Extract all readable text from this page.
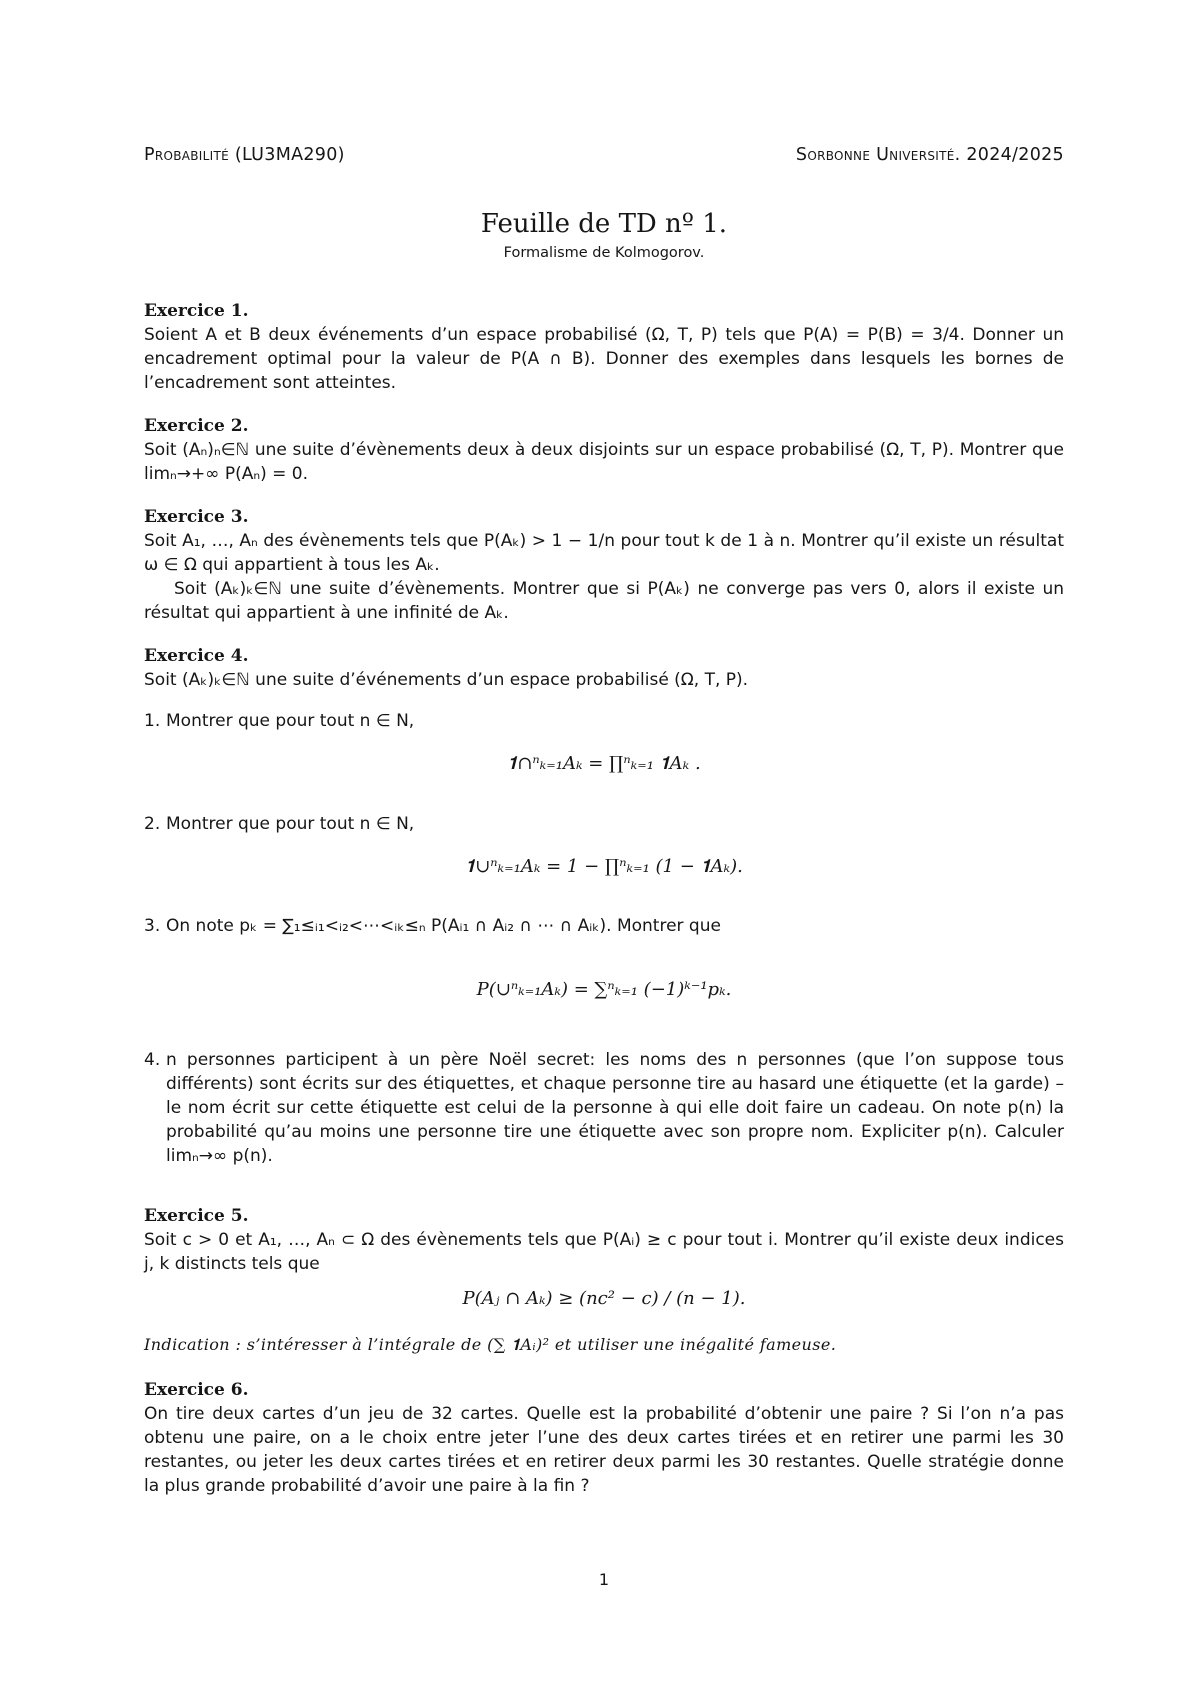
Probabilité (LU3MA290)	Sorbonne Université. 2024/2025
Feuille de TD nº 1.
Formalisme de Kolmogorov.
Exercice 1.

Soient A et B deux événements d’un espace probabilisé (Ω, T, P) tels que P(A) = P(B) = 3/4. Donner un encadrement optimal pour la valeur de P(A ∩ B). Donner des exemples dans lesquels les bornes de l’encadrement sont atteintes.

Exercice 2.

Soit (Aₙ)ₙ∈ℕ une suite d’évènements deux à deux disjoints sur un espace probabilisé (Ω, T, P). Montrer que limₙ→+∞ P(Aₙ) = 0.

Exercice 3.

Soit A₁, …, Aₙ des évènements tels que P(Aₖ) > 1 − 1/n pour tout k de 1 à n. Montrer qu’il existe un résultat ω ∈ Ω qui appartient à tous les Aₖ.

Soit (Aₖ)ₖ∈ℕ une suite d’évènements. Montrer que si P(Aₖ) ne converge pas vers 0, alors il existe un résultat qui appartient à une infinité de Aₖ.

Exercice 4.

Soit (Aₖ)ₖ∈ℕ une suite d’événements d’un espace probabilisé (Ω, T, P).

1. Montrer que pour tout n ∈ N,
𝟏∩ⁿₖ₌₁Aₖ = ∏ⁿₖ₌₁ 𝟏Aₖ .
2. Montrer que pour tout n ∈ N,
𝟏∪ⁿₖ₌₁Aₖ = 1 − ∏ⁿₖ₌₁ (1 − 𝟏Aₖ).
3. On note pₖ = ∑₁≤ᵢ₁<ᵢ₂<⋯<ᵢₖ≤ₙ P(Aᵢ₁ ∩ Aᵢ₂ ∩ ⋯ ∩ Aᵢₖ). Montrer que
P(∪ⁿₖ₌₁Aₖ) = ∑ⁿₖ₌₁ (−1)ᵏ⁻¹pₖ.
4. n personnes participent à un père Noël secret: les noms des n personnes (que l’on suppose tous différents) sont écrits sur des étiquettes, et chaque personne tire au hasard une étiquette (et la garde) – le nom écrit sur cette étiquette est celui de la personne à qui elle doit faire un cadeau. On note p(n) la probabilité qu’au moins une personne tire une étiquette avec son propre nom. Expliciter p(n). Calculer limₙ→∞ p(n).
Exercice 5.

Soit c > 0 et A₁, …, Aₙ ⊂ Ω des évènements tels que P(Aᵢ) ≥ c pour tout i. Montrer qu’il existe deux indices j, k distincts tels que

P(Aⱼ ∩ Aₖ) ≥ (nc² − c) / (n − 1).
Indication : s’intéresser à l’intégrale de (∑ 𝟏Aᵢ)² et utiliser une inégalité fameuse.
Exercice 6.

On tire deux cartes d’un jeu de 32 cartes. Quelle est la probabilité d’obtenir une paire ? Si l’on n’a pas obtenu une paire, on a le choix entre jeter l’une des deux cartes tirées et en retirer une parmi les 30 restantes, ou jeter les deux cartes tirées et en retirer deux parmi les 30 restantes. Quelle stratégie donne la plus grande probabilité d’avoir une paire à la fin ?

1
